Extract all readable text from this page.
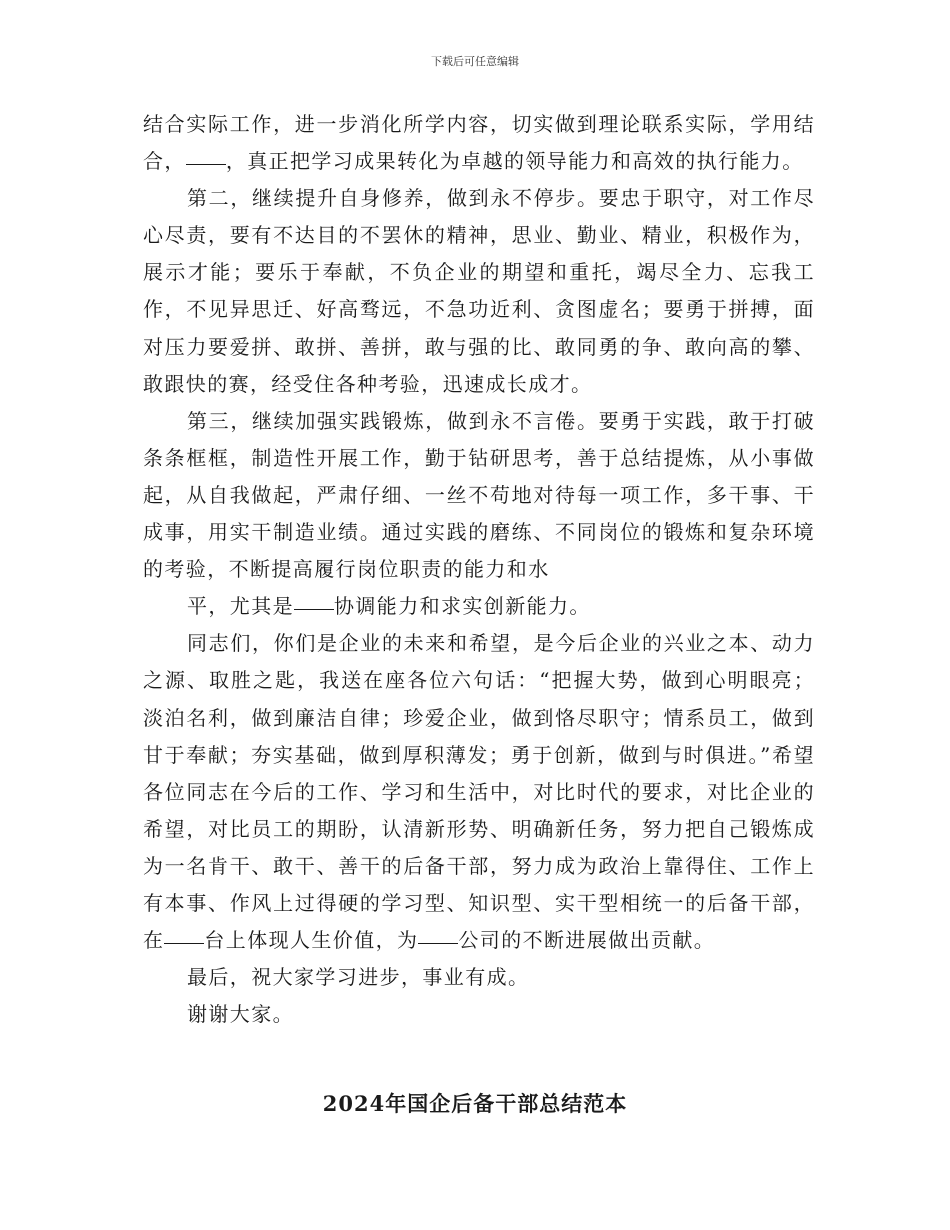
下载后可任意编辑

结合实际工作，进一步消化所学内容，切实做到理论联系实际，学用结合， ，真正把学习成果转化为卓越的领导能力和高效的执行能力。

第二，继续提升自身修养，做到永不停步。要忠于职守，对工作尽心尽责，要有不达目的不罢休的精神，思业、勤业、精业，积极作为，展示才能；要乐于奉献，不负企业的期望和重托，竭尽全力、忘我工作，不见异思迁、好高骛远，不急功近利、贪图虚名；要勇于拼搏，面对压力要爱拼、敢拼、善拼，敢与强的比、敢同勇的争、敢向高的攀、敢跟快的赛，经受住各种考验，迅速成长成才。

第三，继续加强实践锻炼，做到永不言倦。要勇于实践，敢于打破条条框框，制造性开展工作，勤于钻研思考，善于总结提炼，从小事做起，从自我做起，严肃仔细、一丝不苟地对待每一项工作，多干事、干成事，用实干制造业绩。通过实践的磨练、不同岗位的锻炼和复杂环境的考验，不断提高履行岗位职责的能力和水

平，尤其是 协调能力和求实创新能力。

同志们，你们是企业的未来和希望，是今后企业的兴业之本、动力之源、取胜之匙，我送在座各位六句话：“把握大势，做到心明眼亮；淡泊名利，做到廉洁自律；珍爱企业，做到恪尽职守；情系员工，做到甘于奉献；夯实基础，做到厚积薄发；勇于创新，做到与时俱进。”希望各位同志在今后的工作、学习和生活中，对比时代的要求，对比企业的希望，对比员工的期盼，认清新形势、明确新任务，努力把自己锻炼成为一名肯干、敢干、善干的后备干部，努力成为政治上靠得住、工作上有本事、作风上过得硬的学习型、知识型、实干型相统一的后备干部，在 台上体现人生价值，为 公司的不断进展做出贡献。

最后，祝大家学习进步，事业有成。

谢谢大家。

2024年国企后备干部总结范本
